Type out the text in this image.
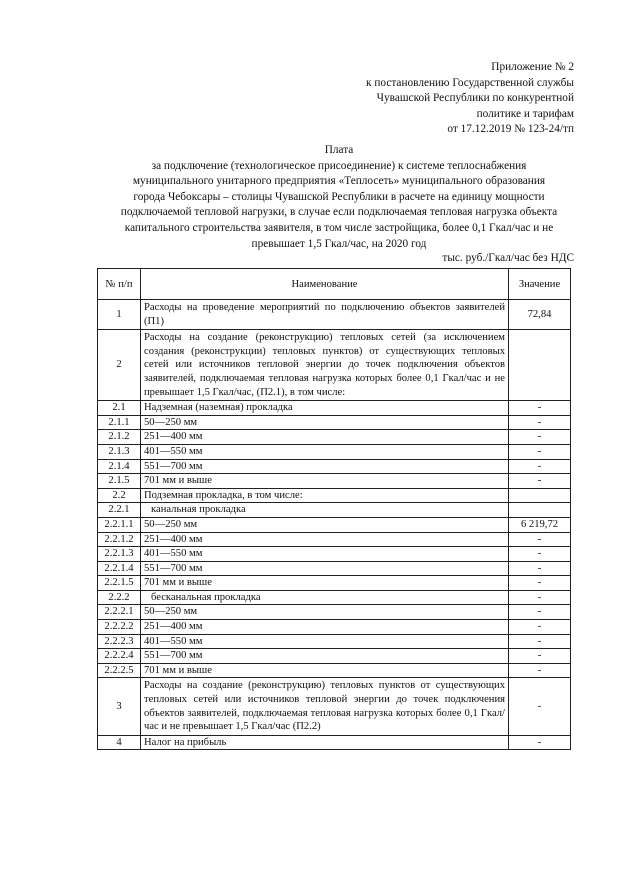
Приложение № 2
к постановлению Государственной службы
Чувашской Республики по конкурентной
политике и тарифам
от 17.12.2019 № 123-24/тп
Плата
за подключение (технологическое присоединение) к системе теплоснабжения
муниципального унитарного предприятия «Теплосеть» муниципального образования
города Чебоксары – столицы Чувашской Республики в расчете на единицу мощности
подключаемой тепловой нагрузки, в случае если подключаемая тепловая нагрузка объекта
капитального строительства заявителя, в том числе застройщика, более 0,1 Гкал/час и не
превышает 1,5 Гкал/час, на 2020 год
тыс. руб./Гкал/час без НДС
№ п/п	Наименование	Значение
1	Расходы на проведение мероприятий по подключению объектов заявителей (П1)	72,84
2	Расходы на создание (реконструкцию) тепловых сетей (за исключением создания (реконструкции) тепловых пунктов) от существующих тепловых сетей или источников тепловой энергии до точек подключения объектов заявителей, подключаемая тепловая нагрузка которых более 0,1 Гкал/час и не превышает 1,5 Гкал/час, (П2.1), в том числе:	
2.1	Надземная (наземная) прокладка	-
2.1.1	50—250 мм	-
2.1.2	251—400 мм	-
2.1.3	401—550 мм	-
2.1.4	551—700 мм	-
2.1.5	701 мм и выше	-
2.2	Подземная прокладка, в том числе:	
2.2.1	канальная прокладка	
2.2.1.1	50—250 мм	6 219,72
2.2.1.2	251—400 мм	-
2.2.1.3	401—550 мм	-
2.2.1.4	551—700 мм	-
2.2.1.5	701 мм и выше	-
2.2.2	бесканальная прокладка	-
2.2.2.1	50—250 мм	-
2.2.2.2	251—400 мм	-
2.2.2.3	401—550 мм	-
2.2.2.4	551—700 мм	-
2.2.2.5	701 мм и выше	-
3	Расходы на создание (реконструкцию) тепловых пунктов от существующих тепловых сетей или источников тепловой энергии до точек подключения объектов заявителей, подключаемая тепловая нагрузка которых более 0,1 Гкал/час и не превышает 1,5 Гкал/час (П2.2)	-
4	Налог на прибыль	-
